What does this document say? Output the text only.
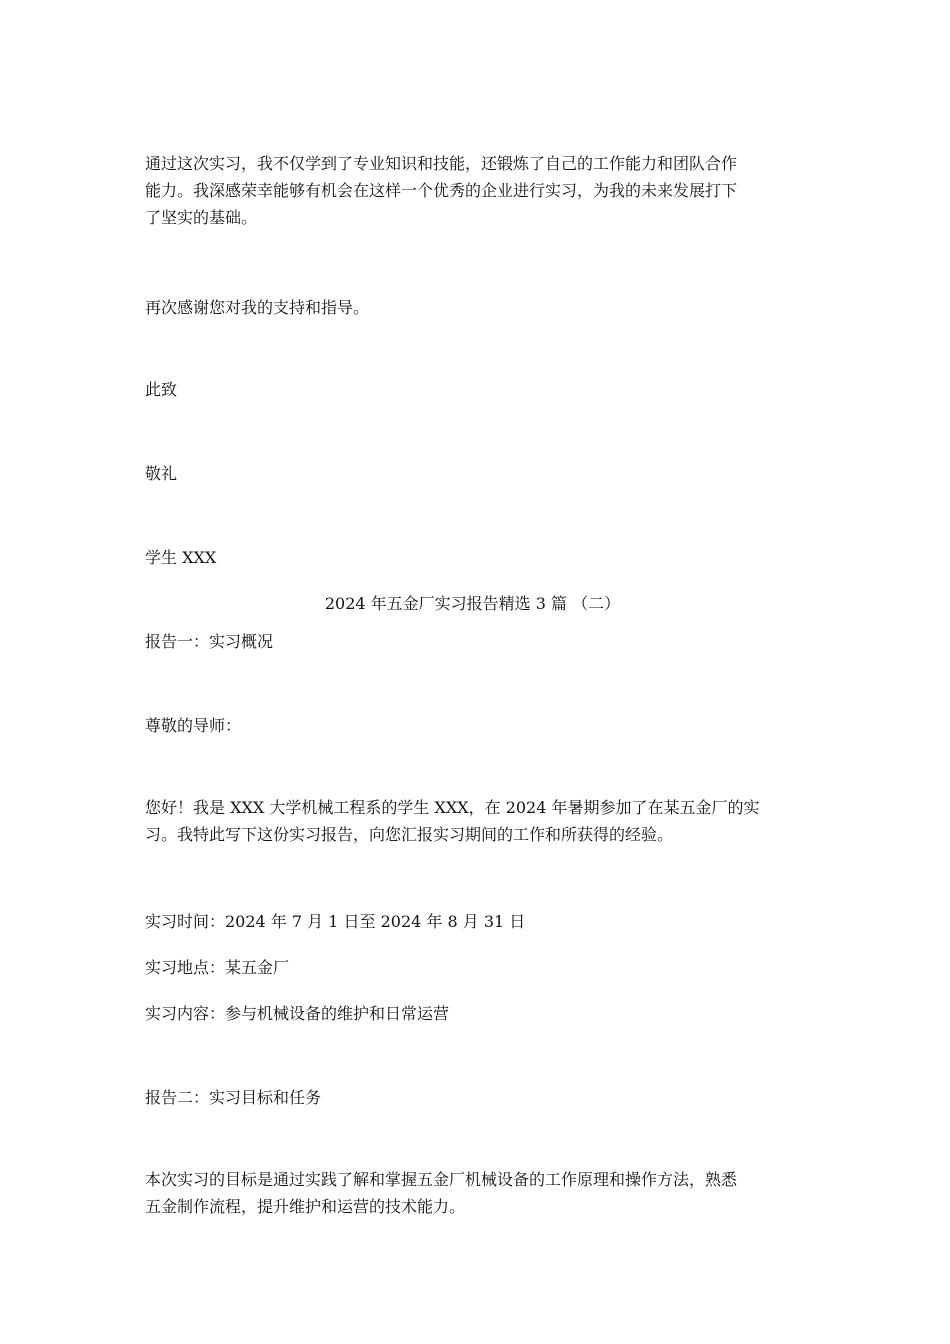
通过这次实习，我不仅学到了专业知识和技能，还锻炼了自己的工作能力和团队合作
能力。我深感荣幸能够有机会在这样一个优秀的企业进行实习，为我的未来发展打下
了坚实的基础。

再次感谢您对我的支持和指导。

此致

敬礼

学生 XXX

2024 年五金厂实习报告精选 3 篇 （二）

报告一：实习概况

尊敬的导师：

您好！我是 XXX 大学机械工程系的学生 XXX，在 2024 年暑期参加了在某五金厂的实
习。我特此写下这份实习报告，向您汇报实习期间的工作和所获得的经验。

实习时间：2024 年 7 月 1 日至 2024 年 8 月 31 日

实习地点：某五金厂

实习内容：参与机械设备的维护和日常运营

报告二：实习目标和任务

本次实习的目标是通过实践了解和掌握五金厂机械设备的工作原理和操作方法，熟悉
五金制作流程，提升维护和运营的技术能力。
